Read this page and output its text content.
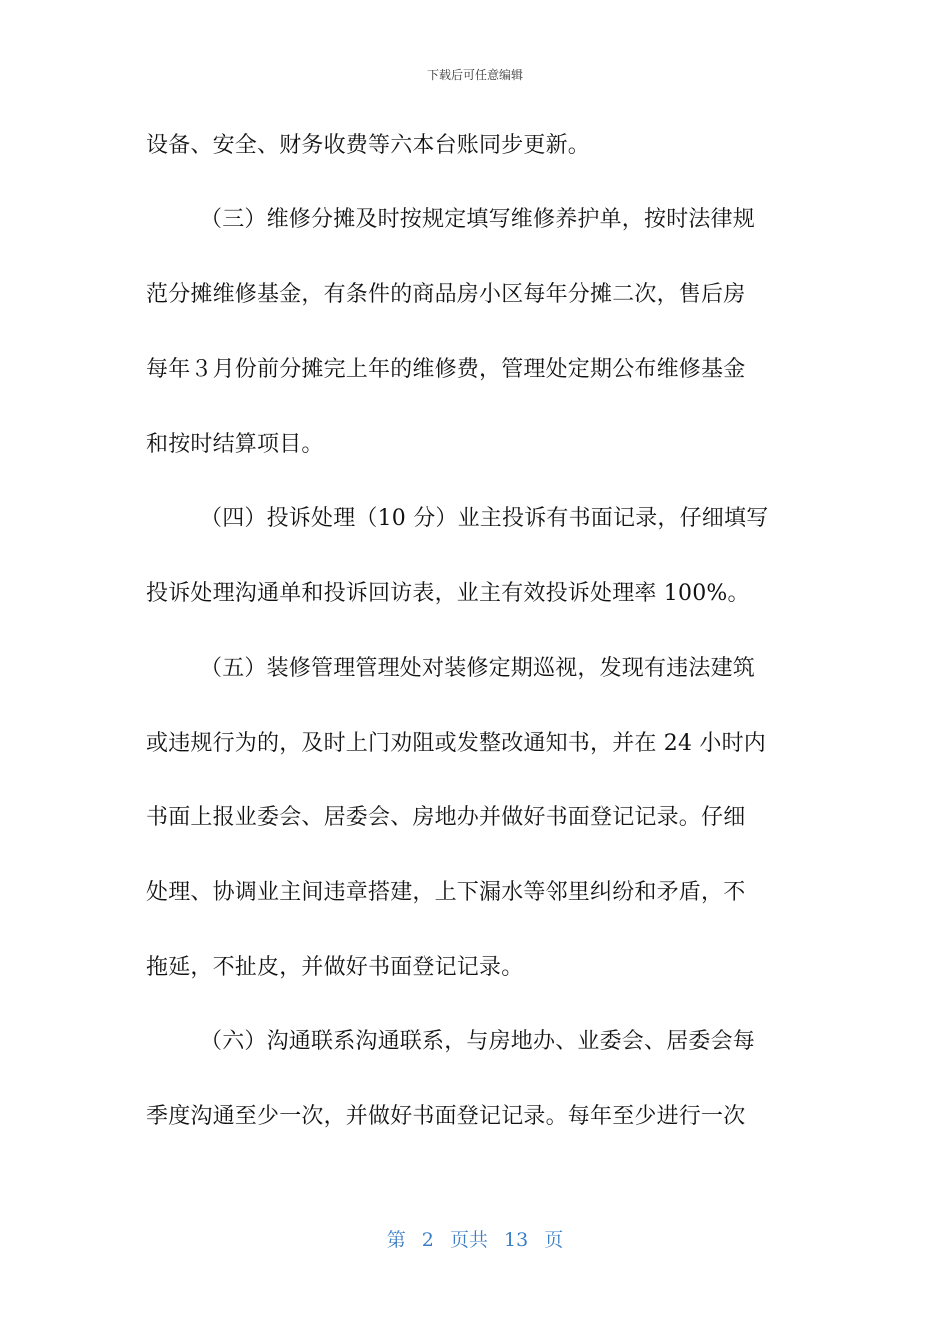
下载后可任意编辑
设备、安全、财务收费等六本台账同步更新。
（三）维修分摊及时按规定填写维修养护单，按时法律规
范分摊维修基金，有条件的商品房小区每年分摊二次，售后房
每年３月份前分摊完上年的维修费，管理处定期公布维修基金
和按时结算项目。
（四）投诉处理（10 分）业主投诉有书面记录，仔细填写
投诉处理沟通单和投诉回访表，业主有效投诉处理率 100%。
（五）装修管理管理处对装修定期巡视，发现有违法建筑
或违规行为的，及时上门劝阻或发整改通知书，并在 24 小时内
书面上报业委会、居委会、房地办并做好书面登记记录。仔细
处理、协调业主间违章搭建，上下漏水等邻里纠纷和矛盾，不
拖延，不扯皮，并做好书面登记记录。
（六）沟通联系沟通联系，与房地办、业委会、居委会每
季度沟通至少一次，并做好书面登记记录。每年至少进行一次
第 2 页共 13 页
